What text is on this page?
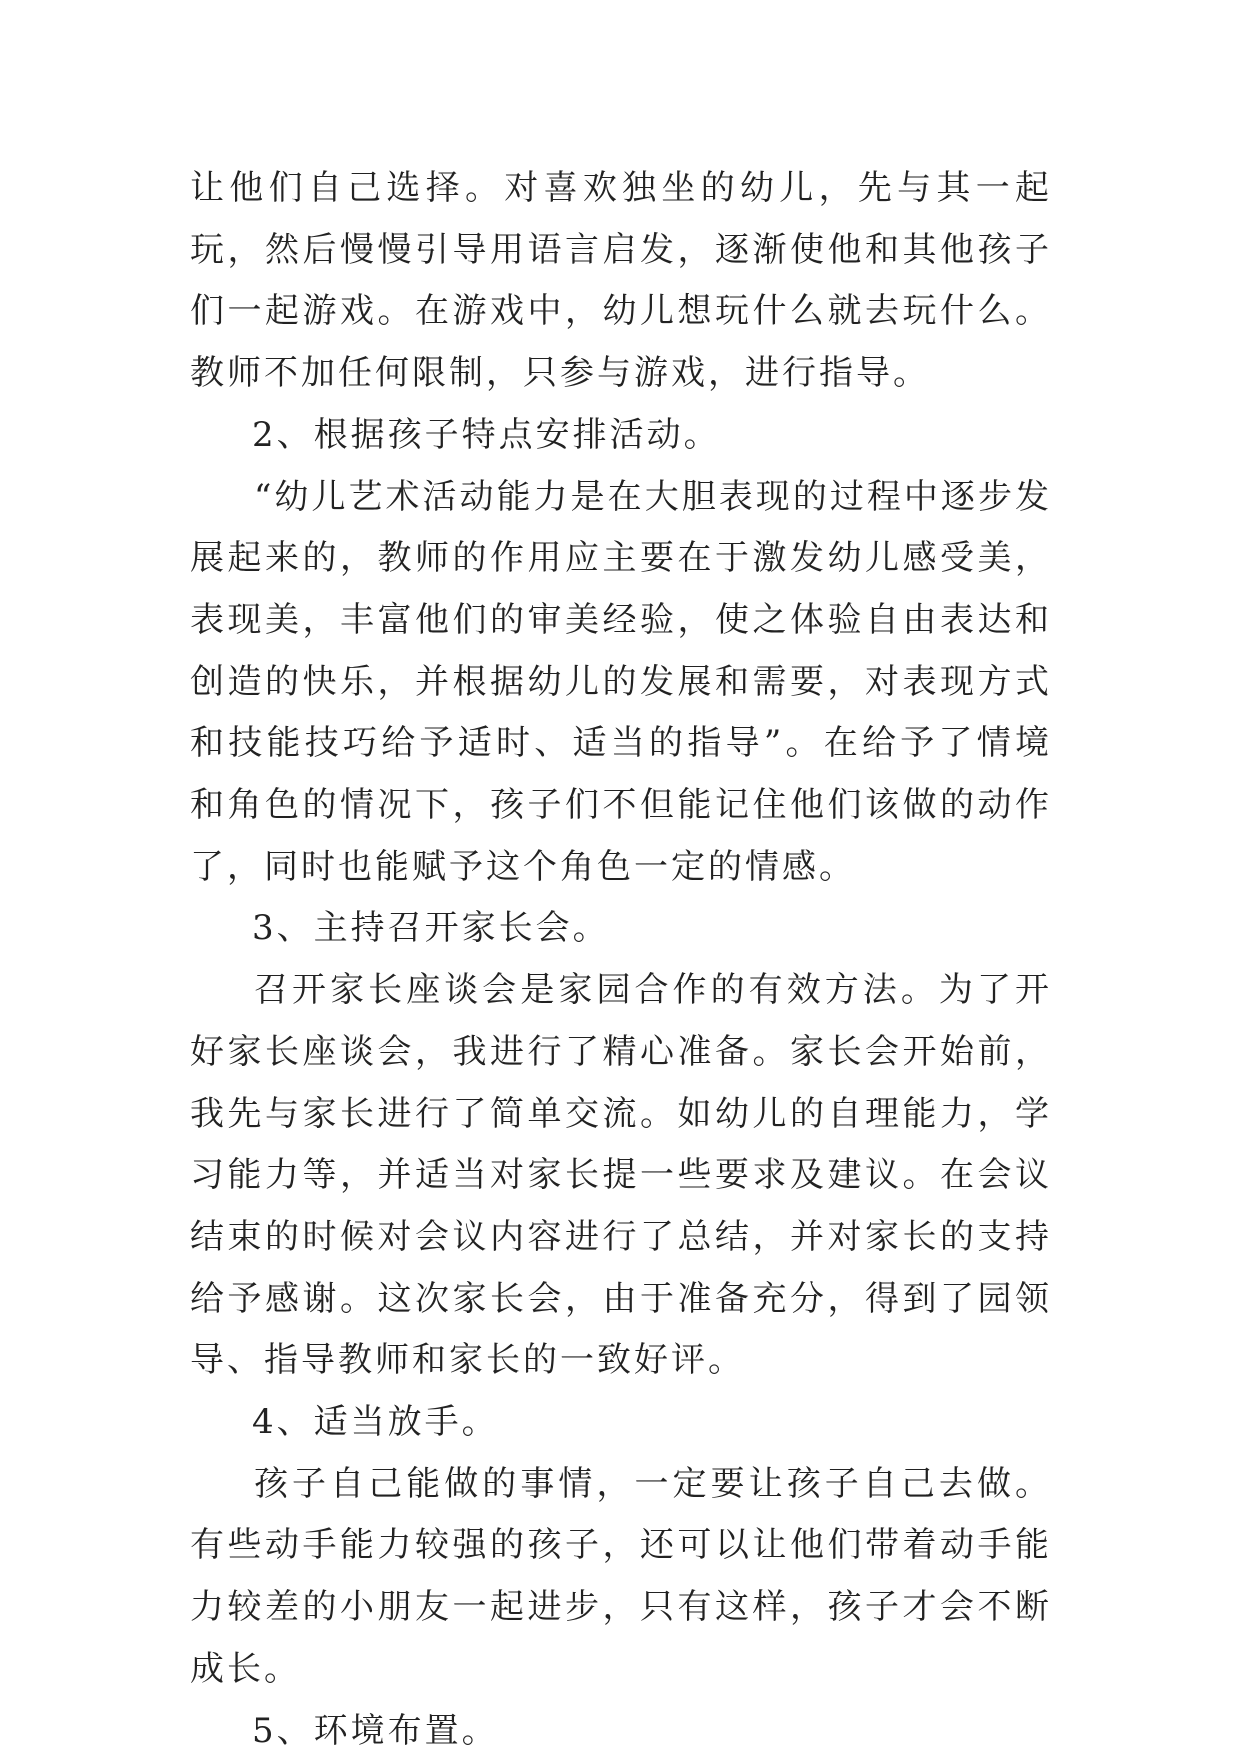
让他们自己选择。对喜欢独坐的幼儿，先与其一起玩，然后慢慢引导用语言启发，逐渐使他和其他孩子们一起游戏。在游戏中，幼儿想玩什么就去玩什么。教师不加任何限制，只参与游戏，进行指导。

2、根据孩子特点安排活动。

“幼儿艺术活动能力是在大胆表现的过程中逐步发展起来的，教师的作用应主要在于激发幼儿感受美，表现美，丰富他们的审美经验，使之体验自由表达和创造的快乐，并根据幼儿的发展和需要，对表现方式和技能技巧给予适时、适当的指导”。在给予了情境和角色的情况下，孩子们不但能记住他们该做的动作了，同时也能赋予这个角色一定的情感。

3、主持召开家长会。

召开家长座谈会是家园合作的有效方法。为了开好家长座谈会，我进行了精心准备。家长会开始前，我先与家长进行了简单交流。如幼儿的自理能力，学习能力等，并适当对家长提一些要求及建议。在会议结束的时候对会议内容进行了总结，并对家长的支持给予感谢。这次家长会，由于准备充分，得到了园领导、指导教师和家长的一致好评。

4、适当放手。

孩子自己能做的事情，一定要让孩子自己去做。有些动手能力较强的孩子，还可以让他们带着动手能力较差的小朋友一起进步，只有这样，孩子才会不断成长。

5、环境布置。
